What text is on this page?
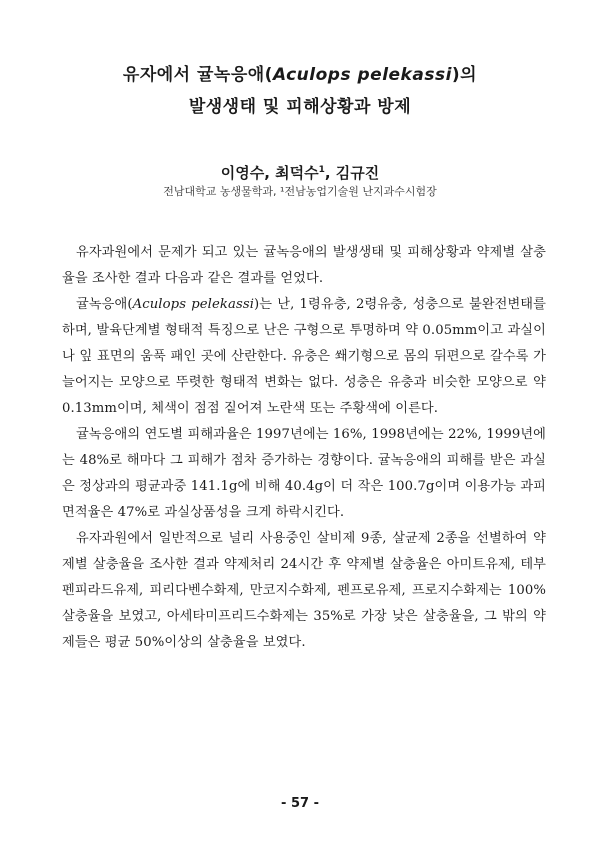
유자에서 귤녹응애(Aculops pelekassi)의
발생생태 및 피해상황과 방제
이영수, 최덕수$^1$, 김규진
전남대학교 농생물학과, ¹전남농업기술원 난지과수시험장

유자과원에서 문제가 되고 있는 귤녹응애의 발생생태 및 피해상황과 약제별 살충율을 조사한 결과 다음과 같은 결과를 얻었다.

귤녹응애(Aculops pelekassi)는 난, 1령유충, 2령유충, 성충으로 불완전변태를 하며, 발육단계별 형태적 특징으로 난은 구형으로 투명하며 약 0.05mm이고 과실이나 잎 표면의 움푹 패인 곳에 산란한다. 유충은 쐐기형으로 몸의 뒤편으로 갈수록 가늘어지는 모양으로 뚜렷한 형태적 변화는 없다. 성충은 유충과 비슷한 모양으로 약 0.13mm이며, 체색이 점점 짙어져 노란색 또는 주황색에 이른다.

귤녹응애의 연도별 피해과율은 1997년에는 16%, 1998년에는 22%, 1999년에는 48%로 해마다 그 피해가 점차 증가하는 경향이다. 귤녹응애의 피해를 받은 과실은 정상과의 평균과중 141.1g에 비해 40.4g이 더 작은 100.7g이며 이용가능 과피면적율은 47%로 과실상품성을 크게 하락시킨다.

유자과원에서 일반적으로 널리 사용중인 살비제 9종, 살균제 2종을 선별하여 약제별 살충율을 조사한 결과 약제처리 24시간 후 약제별 살충율은 아미트유제, 테부펜피라드유제, 피리다벤수화제, 만코지수화제, 펜프로유제, 프로지수화제는 100% 살충율을 보였고, 아세타미프리드수화제는 35%로 가장 낮은 살충율을, 그 밖의 약제들은 평균 50%이상의 살충율을 보였다.

- 57 -
